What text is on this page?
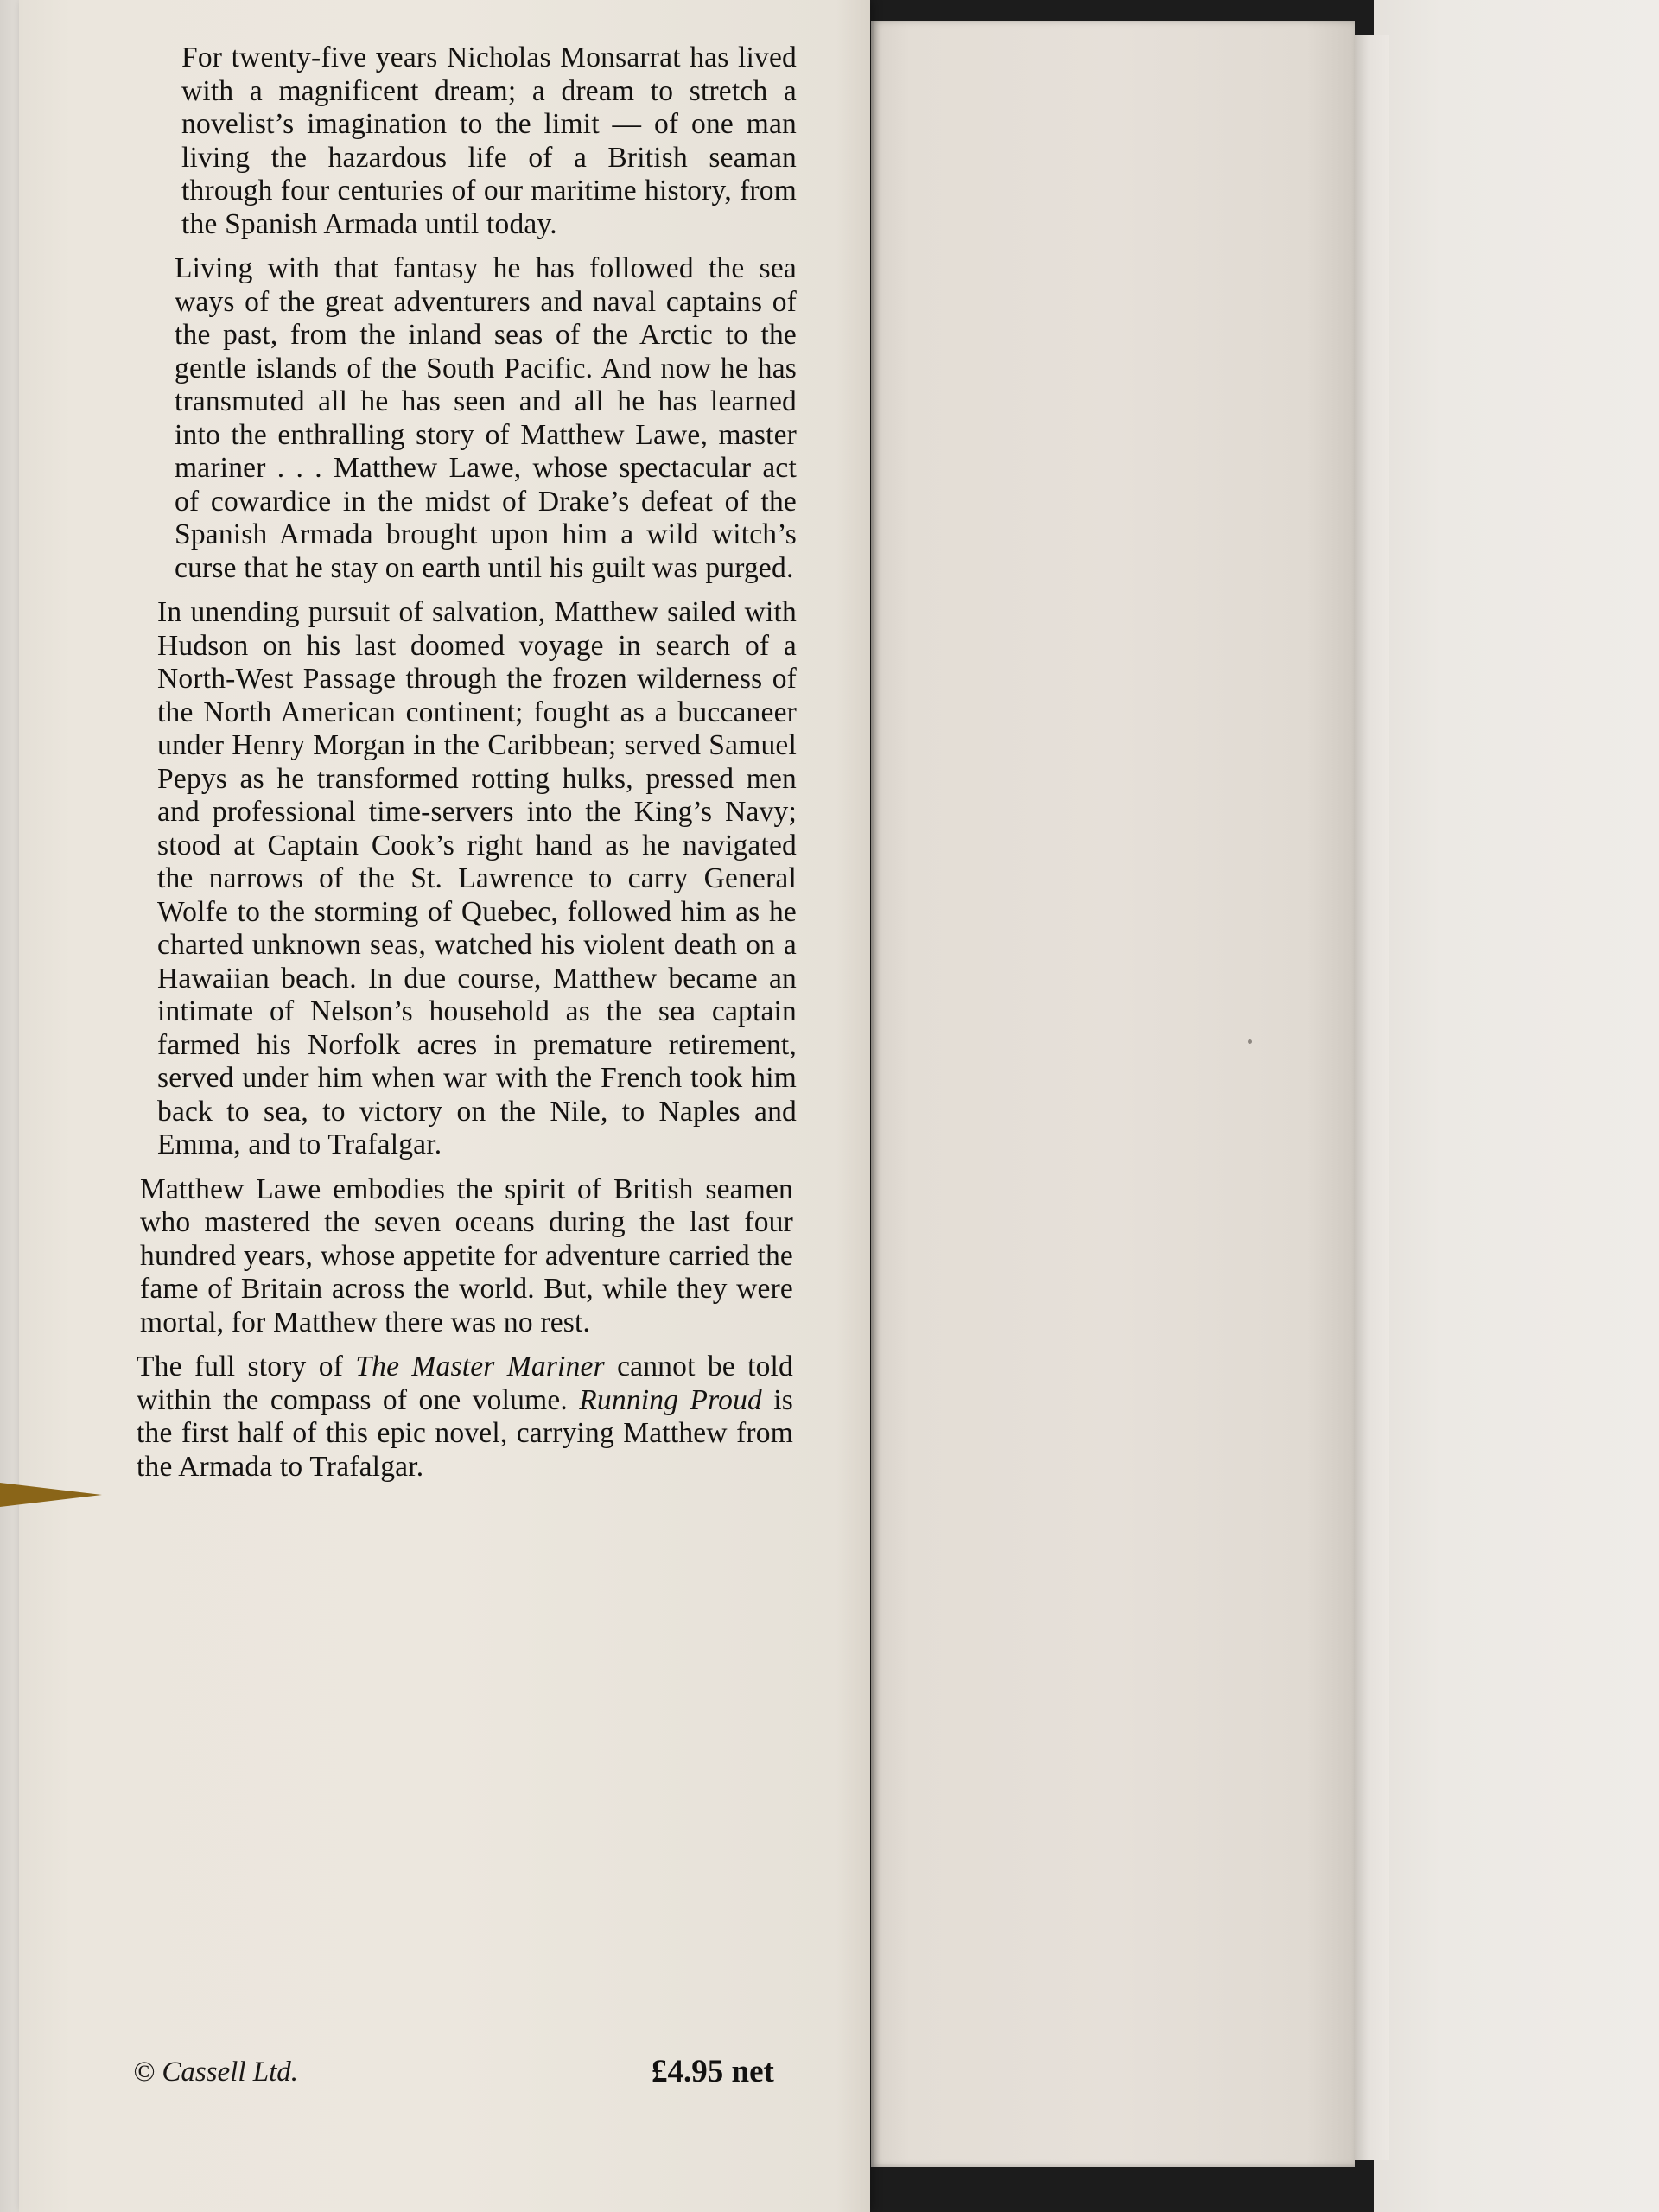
For twenty-five years Nicholas Monsarrat has lived with a magnificent dream; a dream to stretch a novelist’s imagination to the limit — of one man living the hazardous life of a British seaman through four centuries of our maritime history, from the Spanish Armada until today.

Living with that fantasy he has followed the sea ways of the great adventurers and naval captains of the past, from the inland seas of the Arctic to the gentle islands of the South Pacific. And now he has transmuted all he has seen and all he has learned into the enthralling story of Matthew Lawe, master mariner . . . Matthew Lawe, whose spectacular act of cowardice in the midst of Drake’s defeat of the Spanish Armada brought upon him a wild witch’s curse that he stay on earth until his guilt was purged.

In unending pursuit of salvation, Matthew sailed with Hudson on his last doomed voyage in search of a North-West Passage through the frozen wilderness of the North American continent; fought as a buccaneer under Henry Morgan in the Caribbean; served Samuel Pepys as he transformed rotting hulks, pressed men and professional time-servers into the King’s Navy; stood at Captain Cook’s right hand as he navigated the narrows of the St. Lawrence to carry General Wolfe to the storming of Quebec, followed him as he charted unknown seas, watched his violent death on a Hawaiian beach. In due course, Matthew became an intimate of Nelson’s household as the sea captain farmed his Norfolk acres in premature retirement, served under him when war with the French took him back to sea, to victory on the Nile, to Naples and Emma, and to Trafalgar.

Matthew Lawe embodies the spirit of British seamen who mastered the seven oceans during the last four hundred years, whose appetite for adventure carried the fame of Britain across the world. But, while they were mortal, for Matthew there was no rest.

The full story of The Master Mariner cannot be told within the compass of one volume. Running Proud is the first half of this epic novel, carrying Matthew from the Armada to Trafalgar.

© Cassell Ltd.	£4.95 net
